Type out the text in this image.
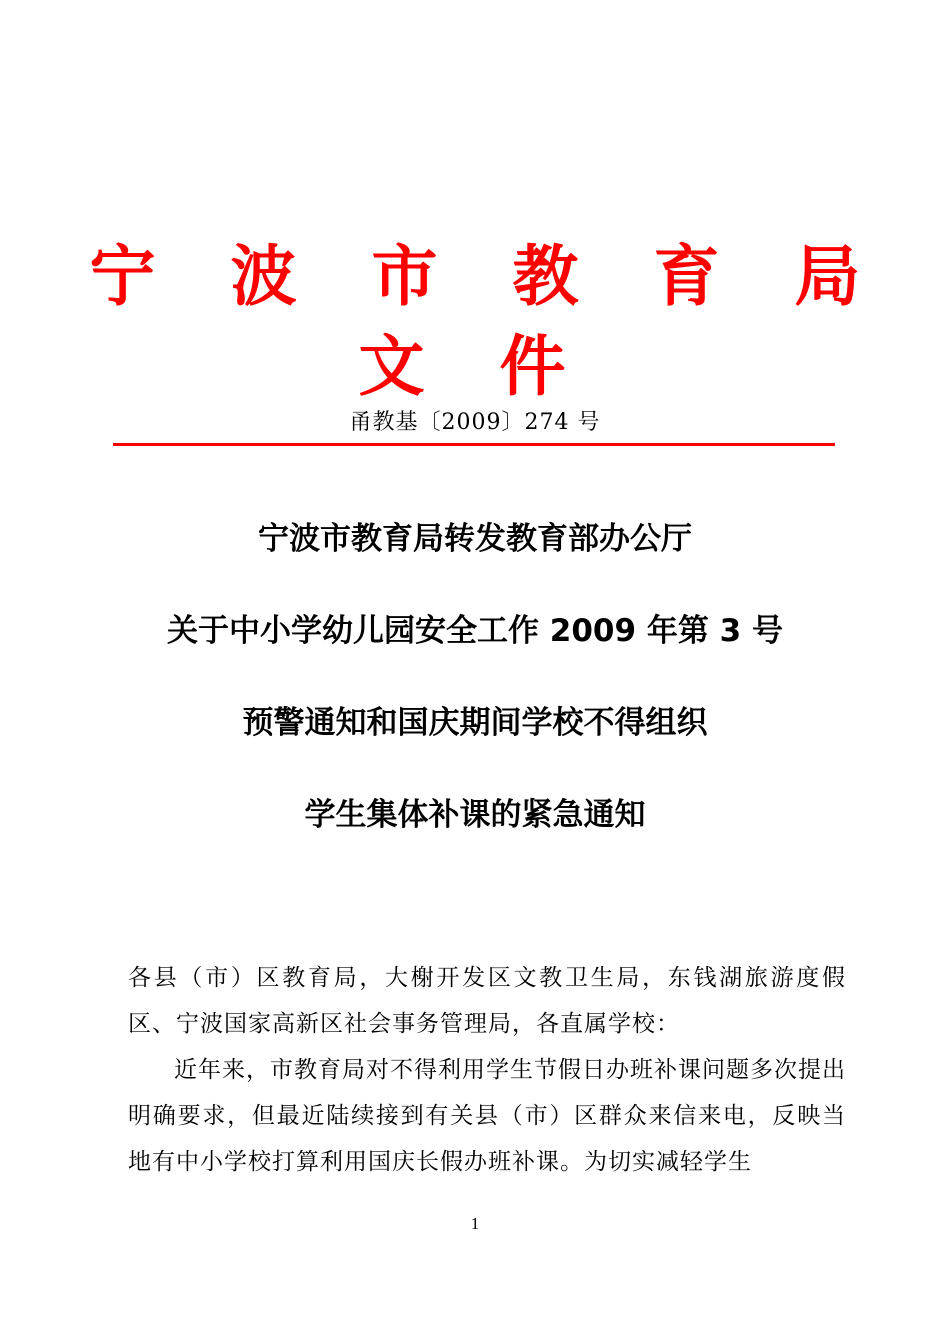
宁 波 市 教 育 局 文 件
甬教基〔2009〕274 号
宁波市教育局转发教育部办公厅
关于中小学幼儿园安全工作 2009 年第 3 号
预警通知和国庆期间学校不得组织
学生集体补课的紧急通知

各县（市）区教育局，大榭开发区文教卫生局，东钱湖旅游度假区、宁波国家高新区社会事务管理局，各直属学校：

近年来，市教育局对不得利用学生节假日办班补课问题多次提出明确要求，但最近陆续接到有关县（市）区群众来信来电，反映当地有中小学校打算利用国庆长假办班补课。为切实减轻学生

1
